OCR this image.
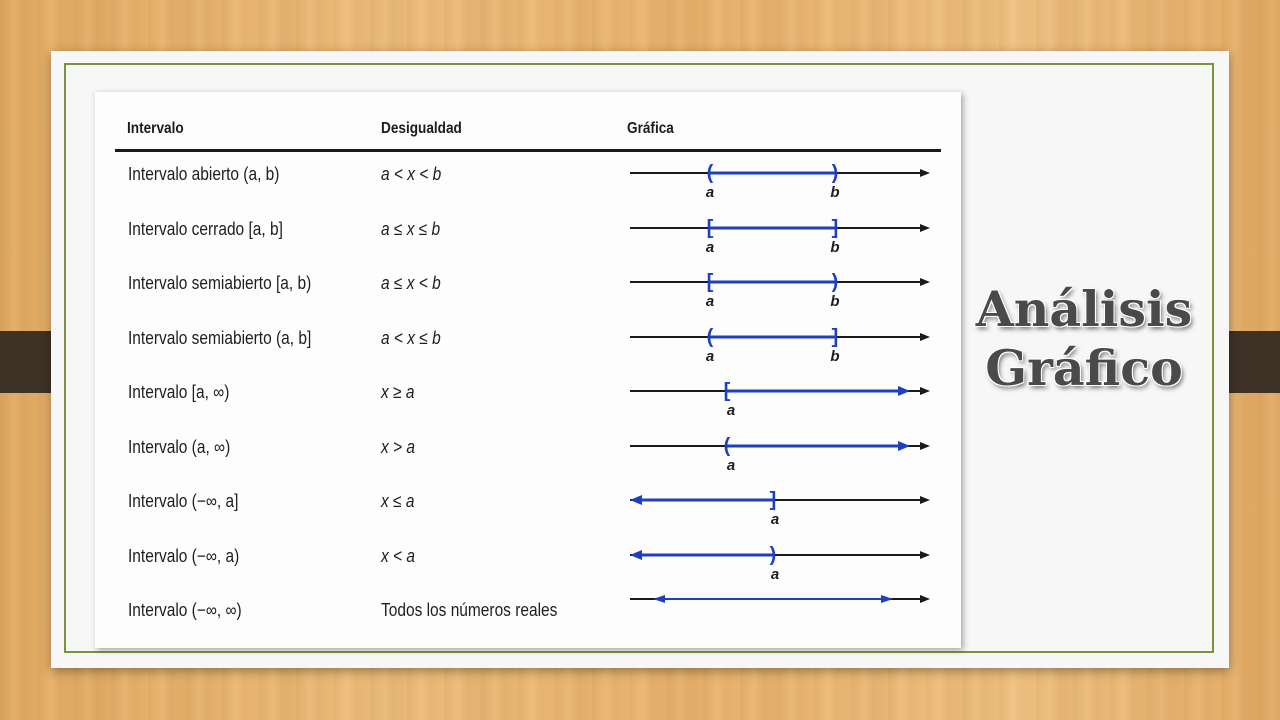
Intervalo	Desigualdad	Gráfica
Intervalo abierto (a, b)	a < x < b	(	)
a	b
Intervalo cerrado [a, b]	a ≤ x ≤ b	[	]
a	b
Intervalo semiabierto [a, b)	a ≤ x < b	[	)
a	b
Intervalo semiabierto (a, b]	a < x ≤ b	(	]
a	b
Intervalo [a, ∞)	x ≥ a	[
a
Intervalo (a, ∞)	x > a	(
a
Intervalo (−∞, a]	x ≤ a	]
a
Intervalo (−∞, a)	x < a	)
a
Intervalo (−∞, ∞)	Todos los números reales
Análisis
Gráfico
